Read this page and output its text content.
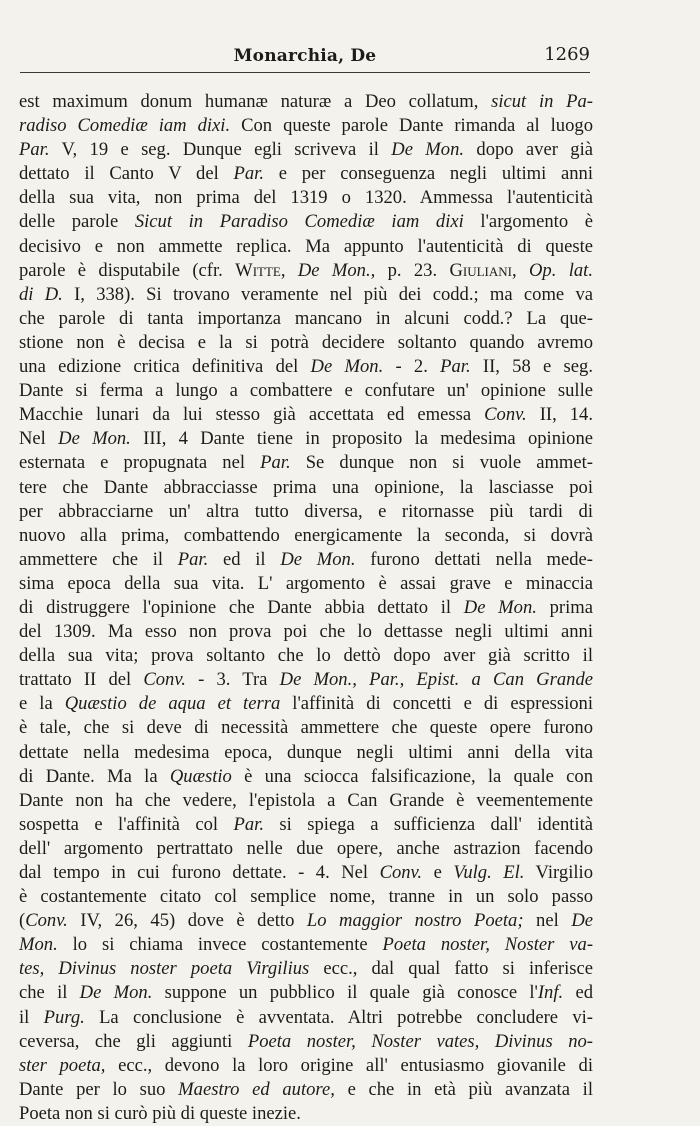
Monarchia, De	1269
est maximum donum humanæ naturæ a Deo collatum, sicut in Pa-
radiso Comediæ iam dixi. Con queste parole Dante rimanda al luogo
Par. V, 19 e seg. Dunque egli scriveva il De Mon. dopo aver già
dettato il Canto V del Par. e per conseguenza negli ultimi anni
della sua vita, non prima del 1319 o 1320. Ammessa l'autenticità
delle parole Sicut in Paradiso Comediæ iam dixi l'argomento è
decisivo e non ammette replica. Ma appunto l'autenticità di queste
parole è disputabile (cfr. Witte, De Mon., p. 23. Giuliani, Op. lat.
di D. I, 338). Si trovano veramente nel più dei codd.; ma come va
che parole di tanta importanza mancano in alcuni codd.? La que-
stione non è decisa e la si potrà decidere soltanto quando avremo
una edizione critica definitiva del De Mon. - 2. Par. II, 58 e seg.
Dante si ferma a lungo a combattere e confutare un' opinione sulle
Macchie lunari da lui stesso già accettata ed emessa Conv. II, 14.
Nel De Mon. III, 4 Dante tiene in proposito la medesima opinione
esternata e propugnata nel Par. Se dunque non si vuole ammet-
tere che Dante abbracciasse prima una opinione, la lasciasse poi
per abbracciarne un' altra tutto diversa, e ritornasse più tardi di
nuovo alla prima, combattendo energicamente la seconda, si dovrà
ammettere che il Par. ed il De Mon. furono dettati nella mede-
sima epoca della sua vita. L' argomento è assai grave e minaccia
di distruggere l'opinione che Dante abbia dettato il De Mon. prima
del 1309. Ma esso non prova poi che lo dettasse negli ultimi anni
della sua vita; prova soltanto che lo dettò dopo aver già scritto il
trattato II del Conv. - 3. Tra De Mon., Par., Epist. a Can Grande
e la Quæstio de aqua et terra l'affinità di concetti e di espressioni
è tale, che si deve di necessità ammettere che queste opere furono
dettate nella medesima epoca, dunque negli ultimi anni della vita
di Dante. Ma la Quæstio è una sciocca falsificazione, la quale con
Dante non ha che vedere, l'epistola a Can Grande è veementemente
sospetta e l'affinità col Par. si spiega a sufficienza dall' identità
dell' argomento pertrattato nelle due opere, anche astrazion facendo
dal tempo in cui furono dettate. - 4. Nel Conv. e Vulg. El. Virgilio
è costantemente citato col semplice nome, tranne in un solo passo
(Conv. IV, 26, 45) dove è detto Lo maggior nostro Poeta; nel De
Mon. lo si chiama invece costantemente Poeta noster, Noster va-
tes, Divinus noster poeta Virgilius ecc., dal qual fatto si inferisce
che il De Mon. suppone un pubblico il quale già conosce l'Inf. ed
il Purg. La conclusione è avventata. Altri potrebbe concludere vi-
ceversa, che gli aggiunti Poeta noster, Noster vates, Divinus no-
ster poeta, ecc., devono la loro origine all' entusiasmo giovanile di
Dante per lo suo Maestro ed autore, e che in età più avanzata il
Poeta non si curò più di queste inezie.
